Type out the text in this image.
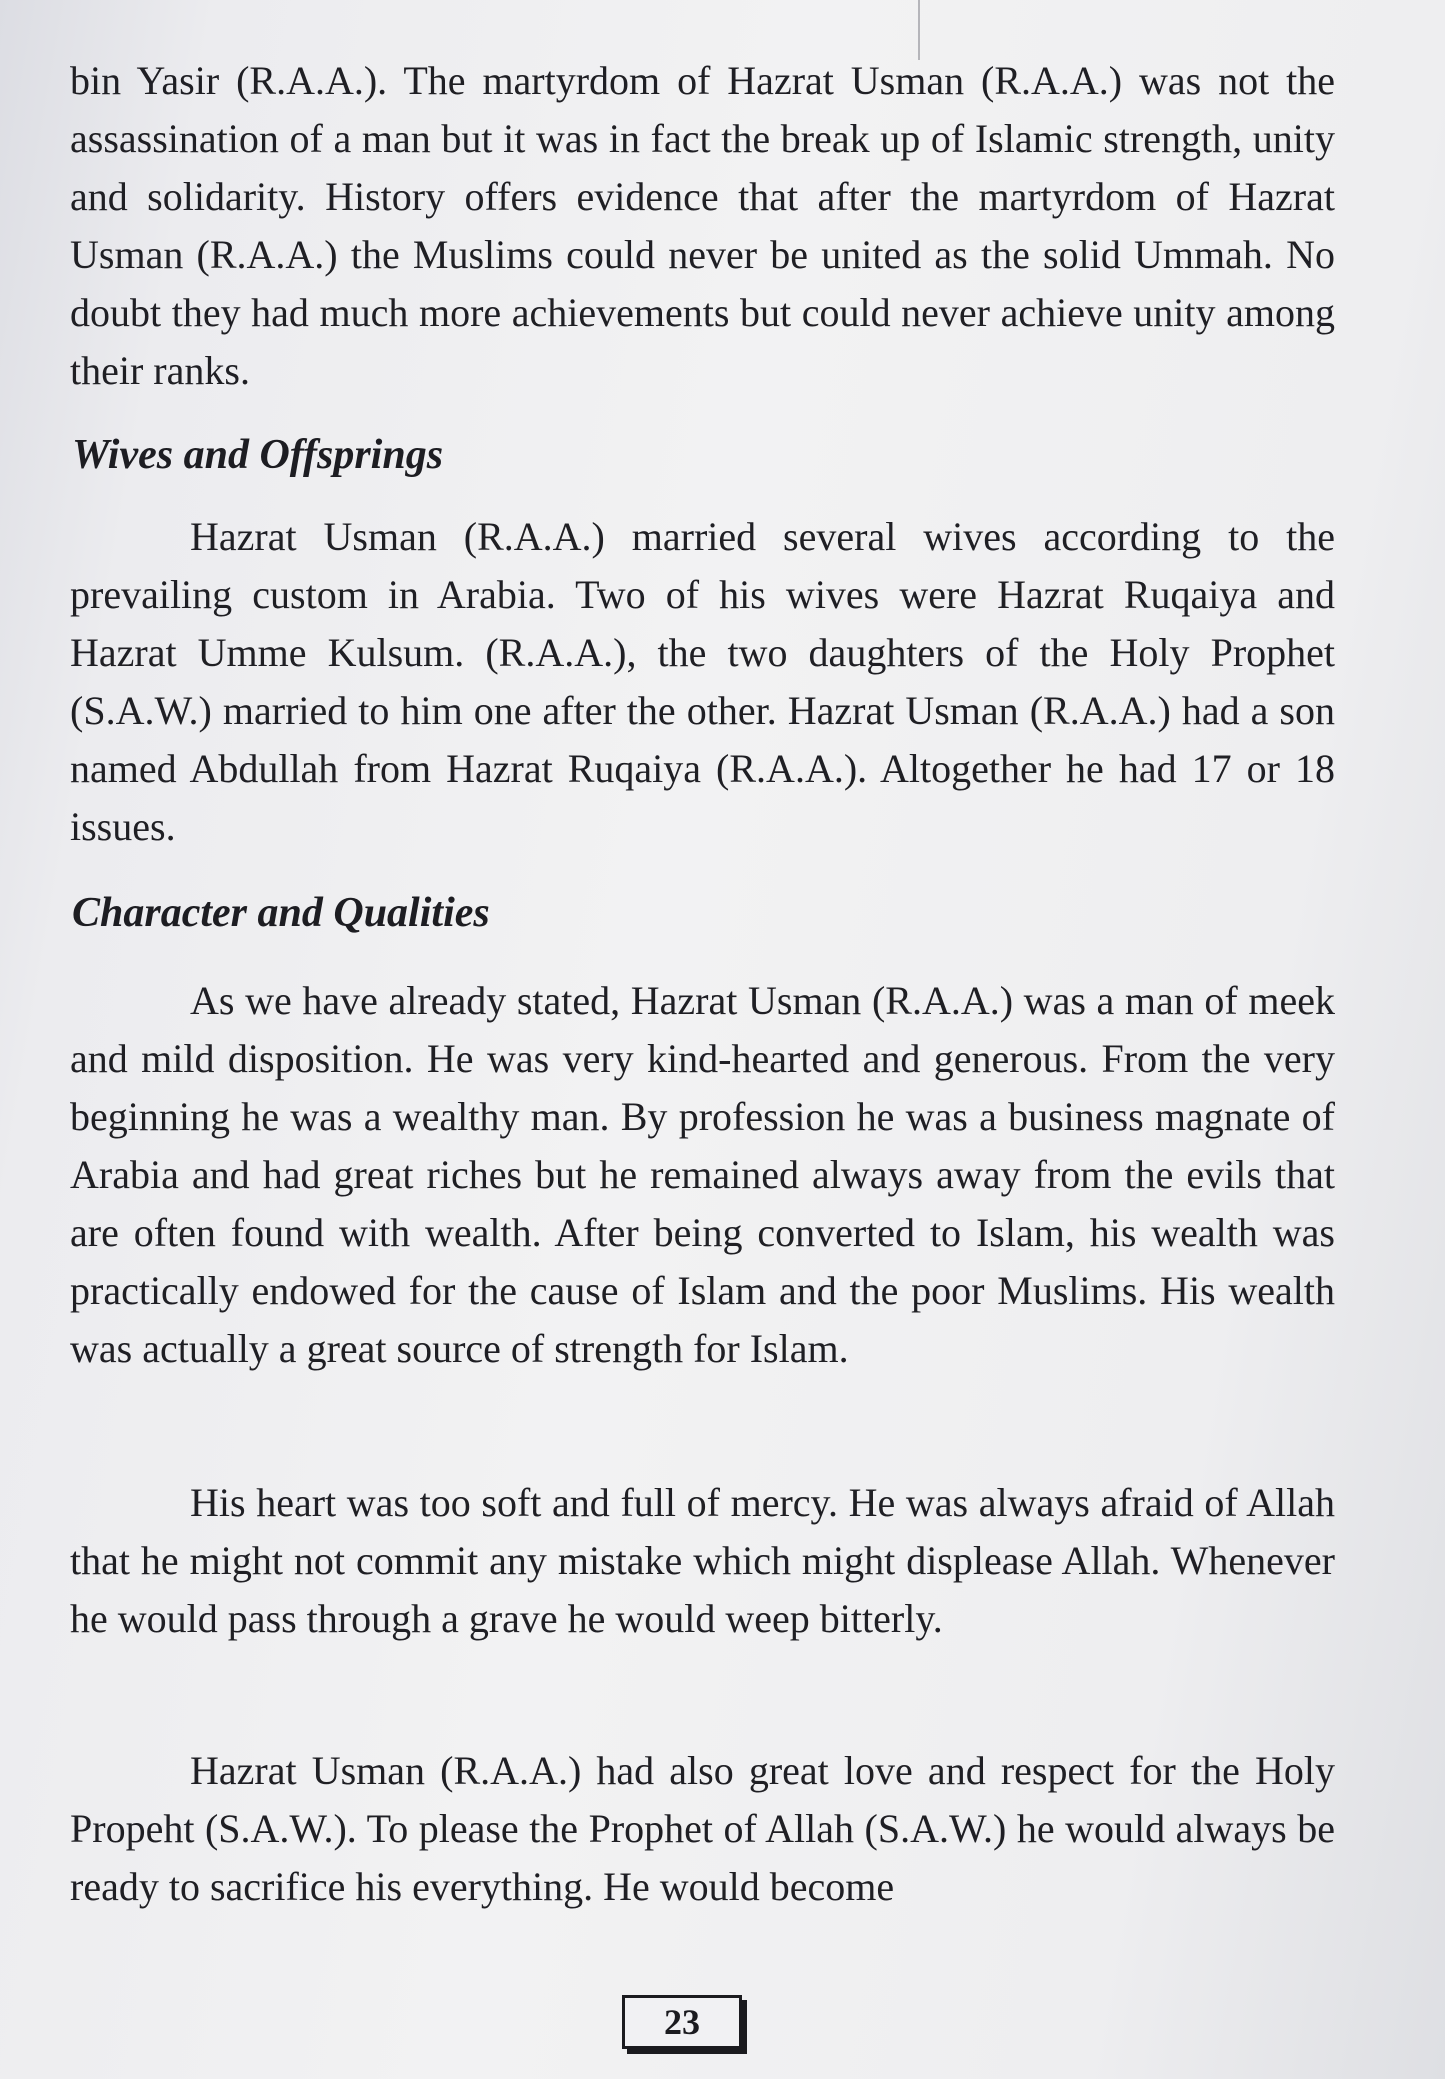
bin Yasir (R.A.A.). The martyrdom of Hazrat Usman (R.A.A.) was not the assassination of a man but it was in fact the break up of Islamic strength, unity and solidarity. History offers evidence that after the martyrdom of Hazrat Usman (R.A.A.) the Muslims could never be united as the solid Ummah. No doubt they had much more achievements but could never achieve unity among their ranks.

Wives and Offsprings

Hazrat Usman (R.A.A.) married several wives according to the prevailing custom in Arabia. Two of his wives were Hazrat Ruqaiya and Hazrat Umme Kulsum. (R.A.A.), the two daughters of the Holy Prophet (S.A.W.) married to him one after the other. Hazrat Usman (R.A.A.) had a son named Abdullah from Hazrat Ruqaiya (R.A.A.). Altogether he had 17 or 18 issues.

Character and Qualities

As we have already stated, Hazrat Usman (R.A.A.) was a man of meek and mild disposition. He was very kind-hearted and generous. From the very beginning he was a wealthy man. By profession he was a business magnate of Arabia and had great riches but he remained always away from the evils that are often found with wealth. After being converted to Islam, his wealth was practically endowed for the cause of Islam and the poor Muslims. His wealth was actually a great source of strength for Islam.

His heart was too soft and full of mercy. He was always afraid of Allah that he might not commit any mistake which might displease Allah. Whenever he would pass through a grave he would weep bitterly.

Hazrat Usman (R.A.A.) had also great love and respect for the Holy Propeht (S.A.W.). To please the Prophet of Allah (S.A.W.) he would always be ready to sacrifice his everything. He would become

23
